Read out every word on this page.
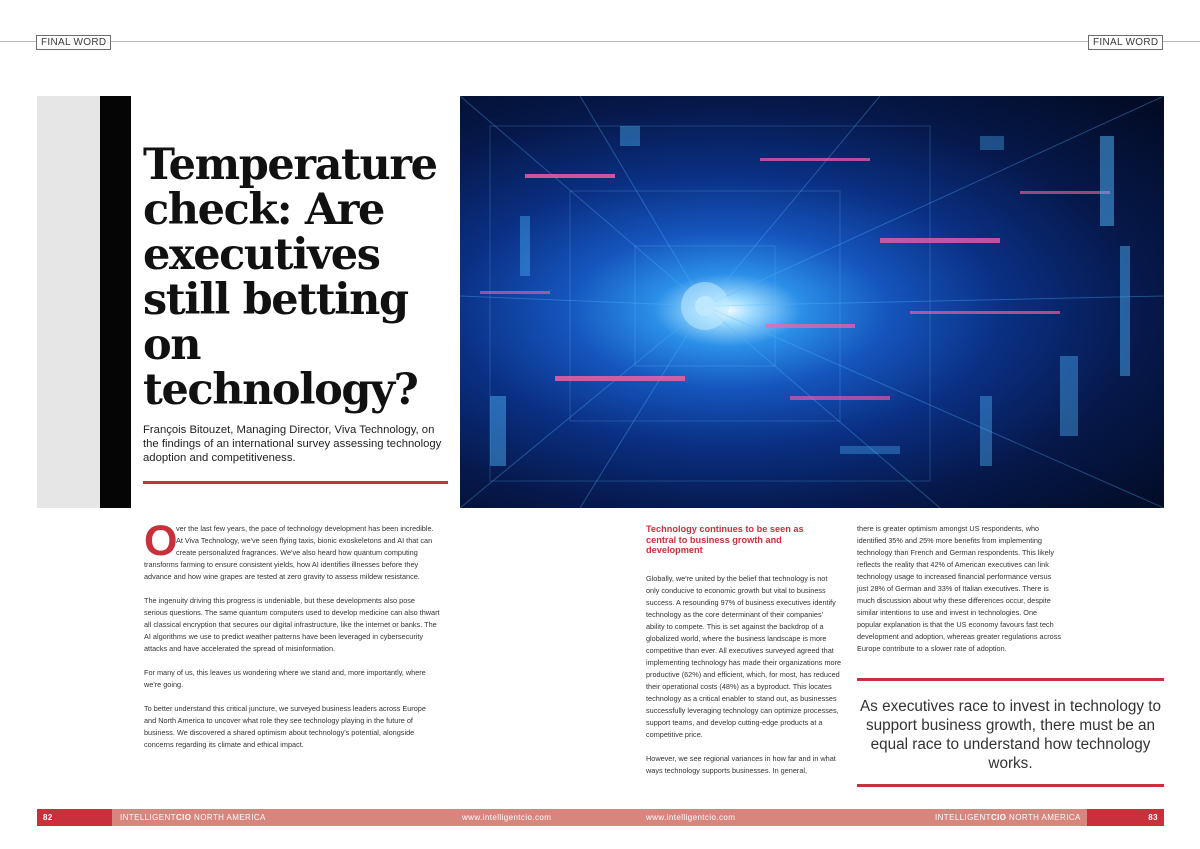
FINAL WORD	FINAL WORD
Temperature check: Are executives still betting on technology?

François Bitouzet, Managing Director, Viva Technology, on the findings of an international survey assessing technology adoption and competitiveness.

ver the last few years, the pace of technology development has been incredible. At Viva Technology, we've seen flying taxis, bionic exoskeletons and AI that can create personalized fragrances. We've also heard how quantum computing transforms farming to ensure consistent yields, how AI identifies illnesses before they advance and how wine grapes are tested at zero gravity to assess mildew resistance.

The ingenuity driving this progress is undeniable, but these developments also pose serious questions. The same quantum computers used to develop medicine can also thwart all classical encryption that secures our digital infrastructure, like the internet or banks. The AI algorithms we use to predict weather patterns have been leveraged in cybersecurity attacks and have accelerated the spread of misinformation.

For many of us, this leaves us wondering where we stand and, more importantly, where we're going.

To better understand this critical juncture, we surveyed business leaders across Europe and North America to uncover what role they see technology playing in the future of business. We discovered a shared optimism about technology's potential, alongside concerns regarding its climate and ethical impact.

O	Technology continues to be seen as central to business growth and development

Globally, we're united by the belief that technology is not only conducive to economic growth but vital to business success. A resounding 97% of business executives identify technology as the core determinant of their companies' ability to compete. This is set against the backdrop of a globalized world, where the business landscape is more competitive than ever. All executives surveyed agreed that implementing technology has made their organizations more productive (62%) and efficient, which, for most, has reduced their operational costs (48%) as a byproduct. This locates technology as a critical enabler to stand out, as businesses successfully leveraging technology can optimize processes, support teams, and develop cutting-edge products at a competitive price.

However, we see regional variances in how far and in what ways technology supports businesses. In general,

there is greater optimism amongst US respondents, who identified 35% and 25% more benefits from implementing technology than French and German respondents. This likely reflects the reality that 42% of American executives can link technology usage to increased financial performance versus just 28% of German and 33% of Italian executives. There is much discussion about why these differences occur, despite similar intentions to use and invest in technologies. One popular explanation is that the US economy favours fast tech development and adoption, whereas greater regulations across Europe contribute to a slower rate of adoption.

As executives race to invest in technology to support business growth, there must be an equal race to understand how technology works.

82	INTELLIGENTCIO NORTH AMERICA	www.intelligentcio.com	www.intelligentcio.com	INTELLIGENTCIO NORTH AMERICA	83
